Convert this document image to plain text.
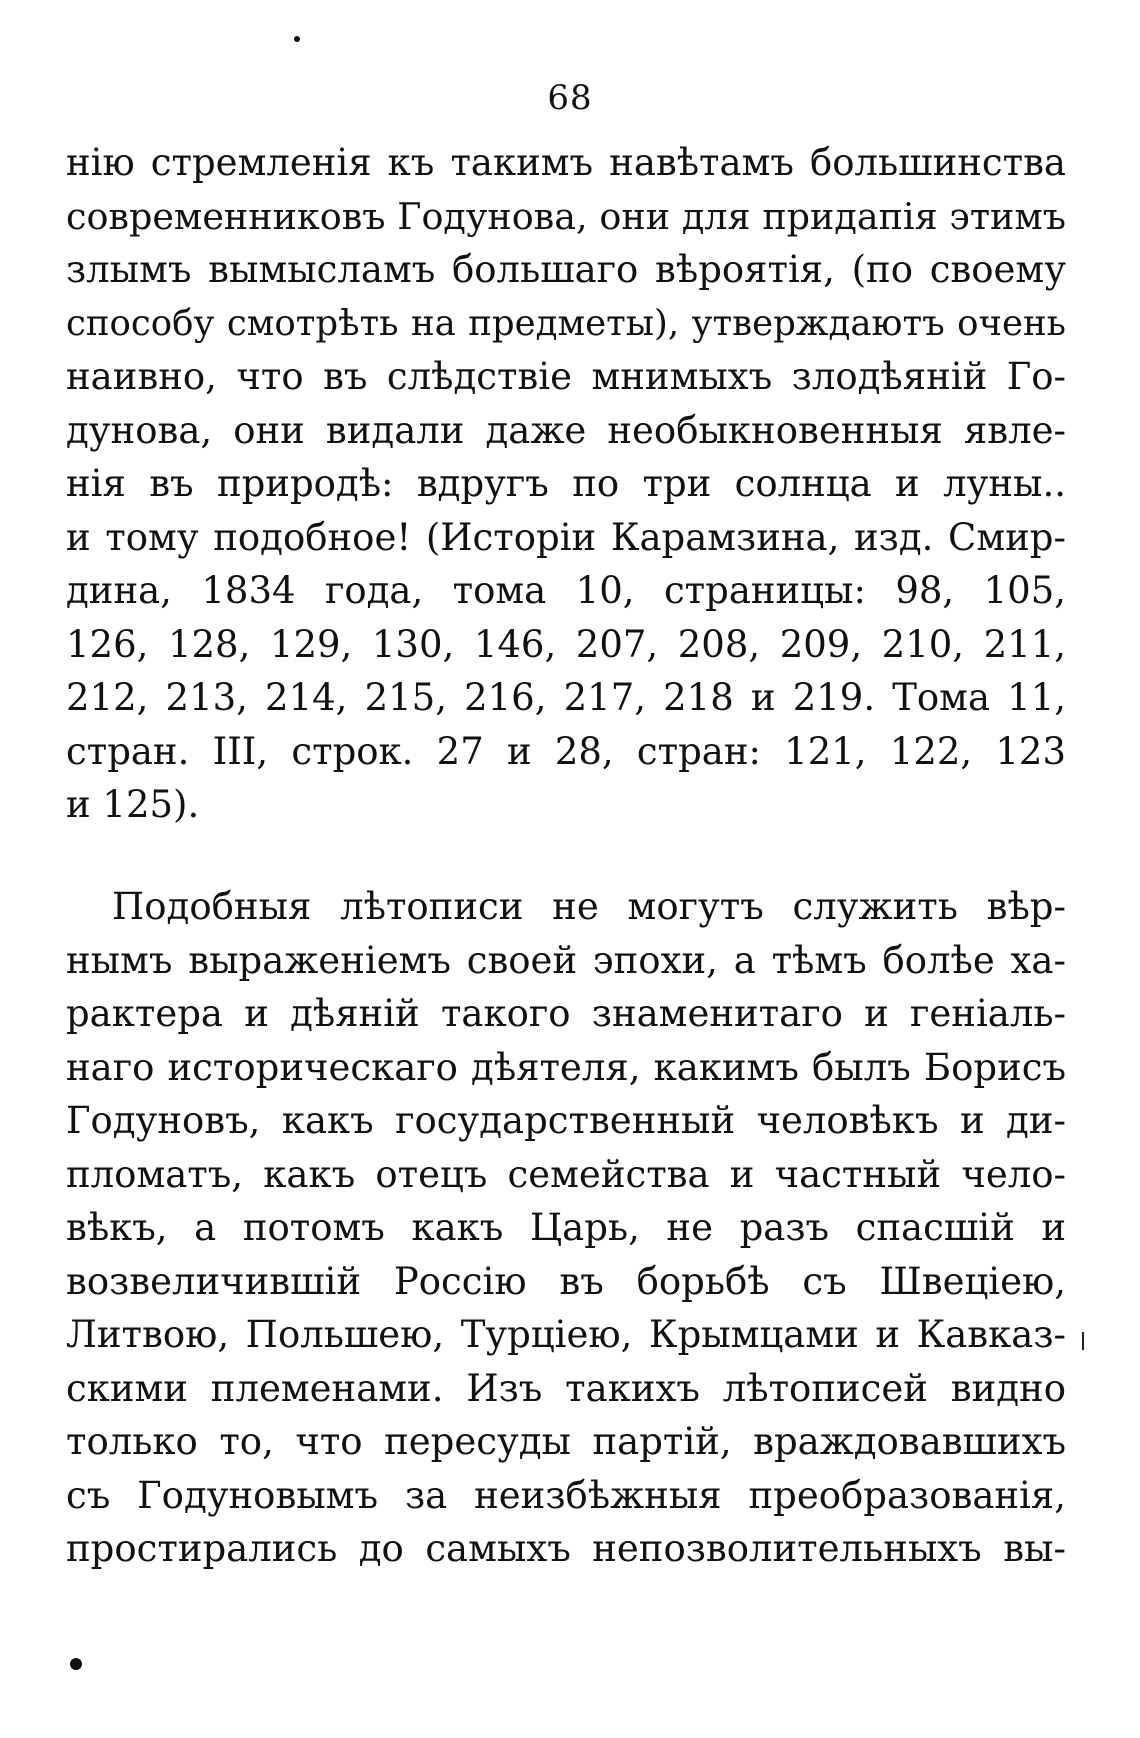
68
нію стремленія къ такимъ навѣтамъ большинства
современниковъ Годунова, они для придапія этимъ
злымъ вымысламъ большаго вѣроятія, (по своему
способу смотрѣть на предметы), утверждаютъ очень
наивно, что въ слѣдствіе мнимыхъ злодѣяній Го-
дунова, они видали даже необыкновенныя явле-
нія въ природѣ: вдругъ по три солнца и луны..
и тому подобное! (Исторіи Карамзина, изд. Смир-
дина, 1834 года, тома 10, страницы: 98, 105,
126, 128, 129, 130, 146, 207, 208, 209, 210, 211,
212, 213, 214, 215, 216, 217, 218 и 219. Тома 11,
стран. III, строк. 27 и 28, стран: 121, 122, 123
и 125).
Подобныя лѣтописи не могутъ служить вѣр-
нымъ выраженіемъ своей эпохи, а тѣмъ болѣе ха-
рактера и дѣяній такого знаменитаго и геніаль-
наго историческаго дѣятеля, какимъ былъ Борисъ
Годуновъ, какъ государственный человѣкъ и ди-
пломатъ, какъ отецъ семейства и частный чело-
вѣкъ, а потомъ какъ Царь, не разъ спасшій и
возвеличившій Россію въ борьбѣ съ Швеціею,
Литвою, Польшею, Турціею, Крымцами и Кавказ-
скими племенами. Изъ такихъ лѣтописей видно
только то, что пересуды партій, враждовавшихъ
съ Годуновымъ за неизбѣжныя преобразованія,
простирались до самыхъ непозволительныхъ вы-
